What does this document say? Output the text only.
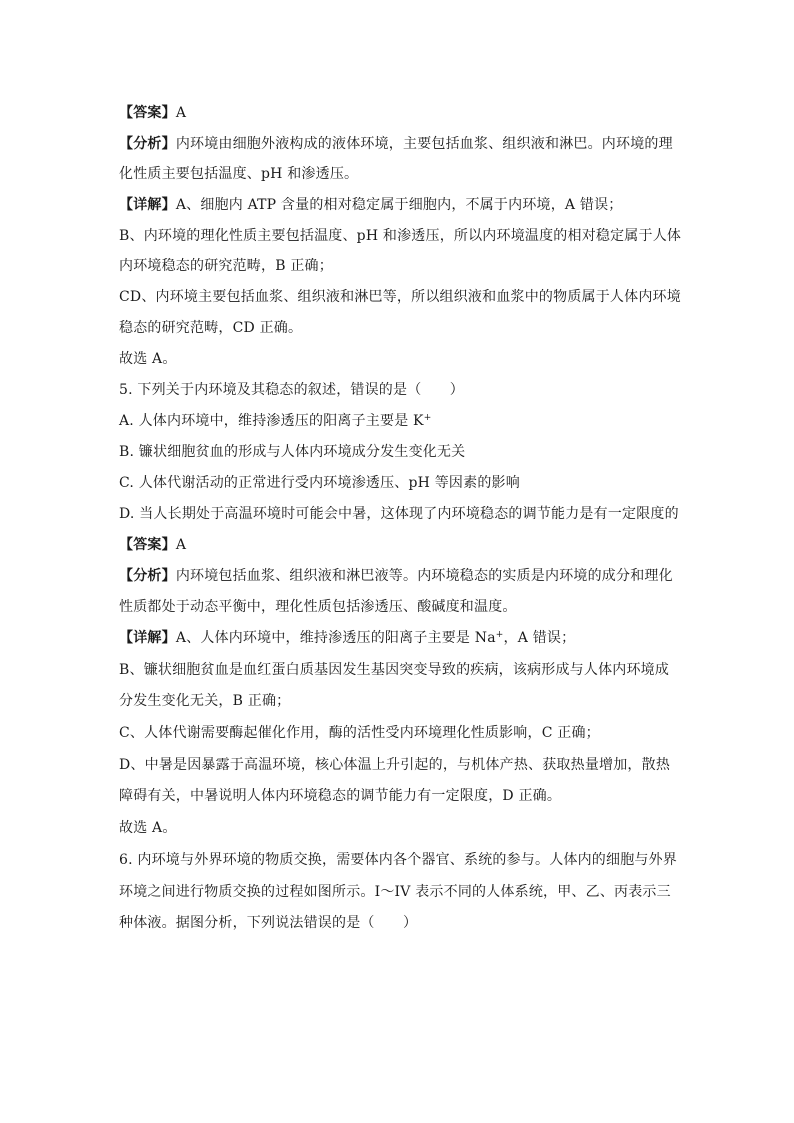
【答案】A
【分析】内环境由细胞外液构成的液体环境，主要包括血浆、组织液和淋巴。内环境的理
化性质主要包括温度、pH 和渗透压。
【详解】A、细胞内 ATP 含量的相对稳定属于细胞内，不属于内环境，A 错误；
B、内环境的理化性质主要包括温度、pH 和渗透压，所以内环境温度的相对稳定属于人体
内环境稳态的研究范畴，B 正确；
CD、内环境主要包括血浆、组织液和淋巴等，所以组织液和血浆中的物质属于人体内环境
稳态的研究范畴，CD 正确。
故选 A。
5. 下列关于内环境及其稳态的叙述，错误的是（　　）
A. 人体内环境中，维持渗透压的阳离子主要是 K+
B. 镰状细胞贫血的形成与人体内环境成分发生变化无关
C. 人体代谢活动的正常进行受内环境渗透压、pH 等因素的影响
D. 当人长期处于高温环境时可能会中暑，这体现了内环境稳态的调节能力是有一定限度的
【答案】A
【分析】内环境包括血浆、组织液和淋巴液等。内环境稳态的实质是内环境的成分和理化
性质都处于动态平衡中，理化性质包括渗透压、酸碱度和温度。
【详解】A、人体内环境中，维持渗透压的阳离子主要是 Na+，A 错误；
B、镰状细胞贫血是血红蛋白质基因发生基因突变导致的疾病，该病形成与人体内环境成
分发生变化无关，B 正确；
C、人体代谢需要酶起催化作用，酶的活性受内环境理化性质影响，C 正确；
D、中暑是因暴露于高温环境，核心体温上升引起的，与机体产热、获取热量增加，散热
障碍有关，中暑说明人体内环境稳态的调节能力有一定限度，D 正确。
故选 A。
6. 内环境与外界环境的物质交换，需要体内各个器官、系统的参与。人体内的细胞与外界
环境之间进行物质交换的过程如图所示。I～IV 表示不同的人体系统，甲、乙、丙表示三
种体液。据图分析，下列说法错误的是（　　）
